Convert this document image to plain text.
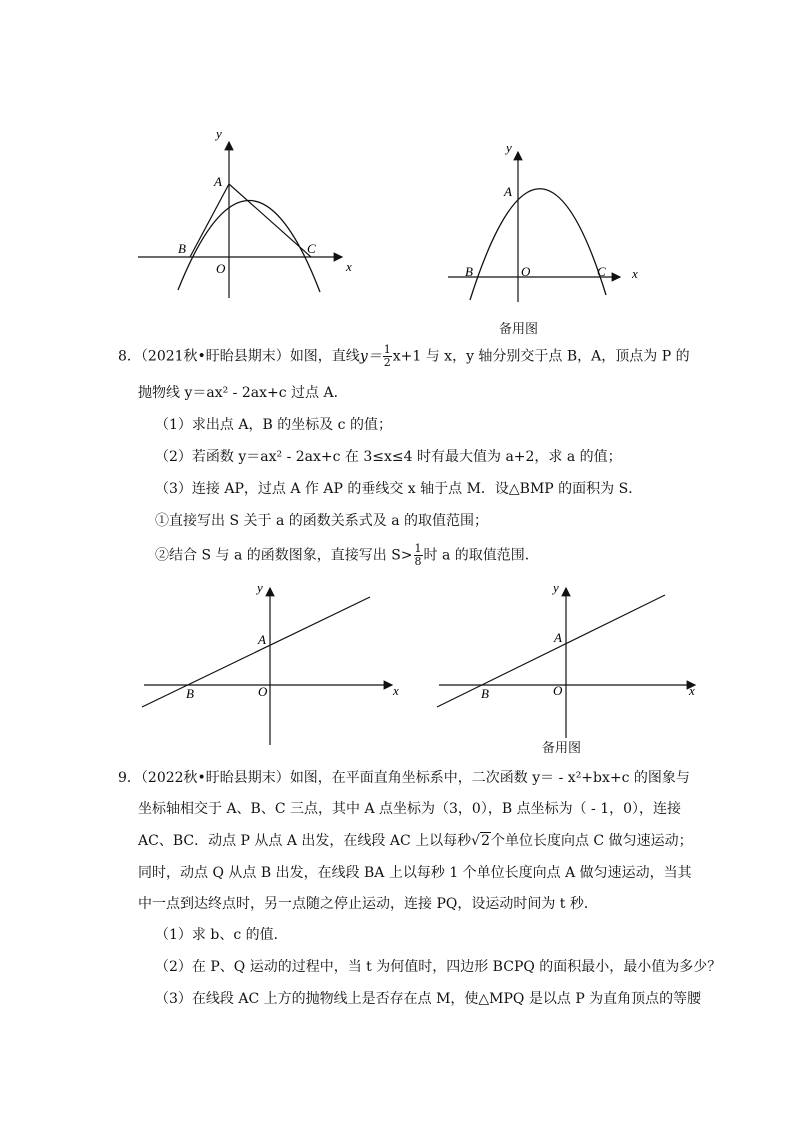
y
x
A
B	C
O
y
x
A
B	C
O
备用图
8．（2021秋•盱眙县期末）如图，直线$y= \frac{1}{2} x+1$ 与 x，y 轴分别交于点 B，A，顶点为 P 的
抛物线 y＝ax² - 2ax+c 过点 A．
（1）求出点 A，B 的坐标及 c 的值；
（2）若函数 y＝ax² - 2ax+c 在 3≤x≤4 时有最大值为 a+2，求 a 的值；
（3）连接 AP，过点 A 作 AP 的垂线交 x 轴于点 M．设△BMP 的面积为 S．
①直接写出 S 关于 a 的函数关系式及 a 的取值范围；
②结合 S 与 a 的函数图象，直接写出 $S> \frac{1}{8}$ 时 a 的取值范围．
y
x
A
B	O
y
x
A
B	O
备用图
9．（2022秋•盱眙县期末）如图，在平面直角坐标系中，二次函数 y＝ - x²+bx+c 的图象与
坐标轴相交于 A、B、C 三点，其中 A 点坐标为（3，0），B 点坐标为（ - 1，0），连接
AC、BC．动点 P 从点 A 出发，在线段 AC 上以每秒√2个单位长度向点 C 做匀速运动；
同时，动点 Q 从点 B 出发，在线段 BA 上以每秒 1 个单位长度向点 A 做匀速运动，当其
中一点到达终点时，另一点随之停止运动，连接 PQ，设运动时间为 t 秒．
（1）求 b、c 的值．
（2）在 P、Q 运动的过程中，当 t 为何值时，四边形 BCPQ 的面积最小，最小值为多少？
（3）在线段 AC 上方的抛物线上是否存在点 M，使△MPQ 是以点 P 为直角顶点的等腰
